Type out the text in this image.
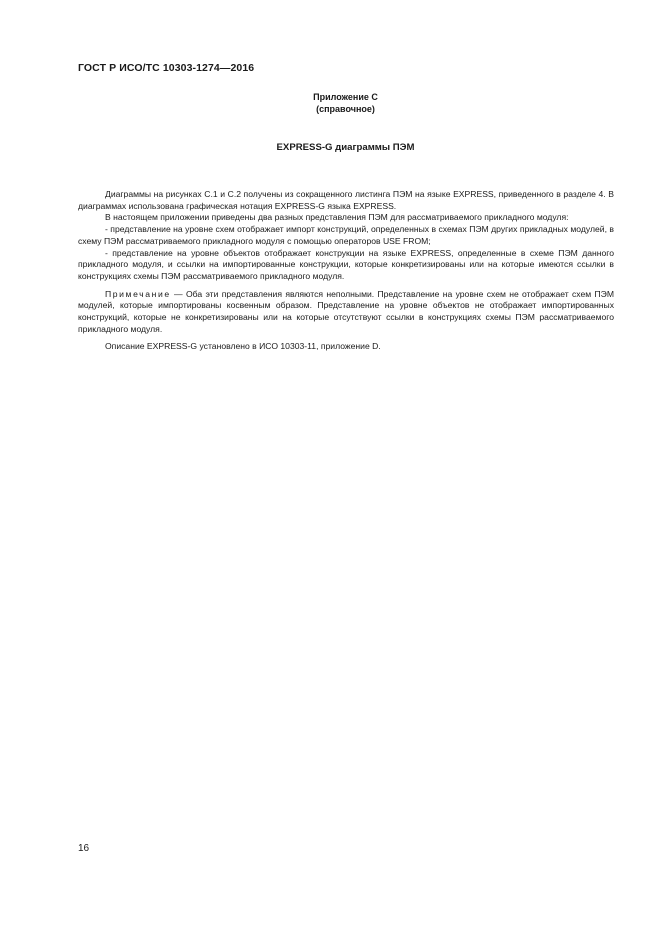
ГОСТ Р ИСО/ТС 10303-1274—2016
Приложение С
(справочное)
EXPRESS-G диаграммы ПЭМ

Диаграммы на рисунках С.1 и С.2 получены из сокращенного листинга ПЭМ на языке EXPRESS, приведенного в разделе 4. В диаграммах использована графическая нотация EXPRESS-G языка EXPRESS.

В настоящем приложении приведены два разных представления ПЭМ для рассматриваемого прикладного модуля:

- представление на уровне схем отображает импорт конструкций, определенных в схемах ПЭМ других прикладных модулей, в схему ПЭМ рассматриваемого прикладного модуля с помощью операторов USE FROM;

- представление на уровне объектов отображает конструкции на языке EXPRESS, определенные в схеме ПЭМ данного прикладного модуля, и ссылки на импортированные конструкции, которые конкретизированы или на которые имеются ссылки в конструкциях схемы ПЭМ рассматриваемого прикладного модуля.

Примечание — Оба эти представления являются неполными. Представление на уровне схем не отображает схем ПЭМ модулей, которые импортированы косвенным образом. Представление на уровне объектов не отображает импортированных конструкций, которые не конкретизированы или на которые отсутствуют ссылки в конструкциях схемы ПЭМ рассматриваемого прикладного модуля.

Описание EXPRESS-G установлено в ИСО 10303-11, приложение D.

16
